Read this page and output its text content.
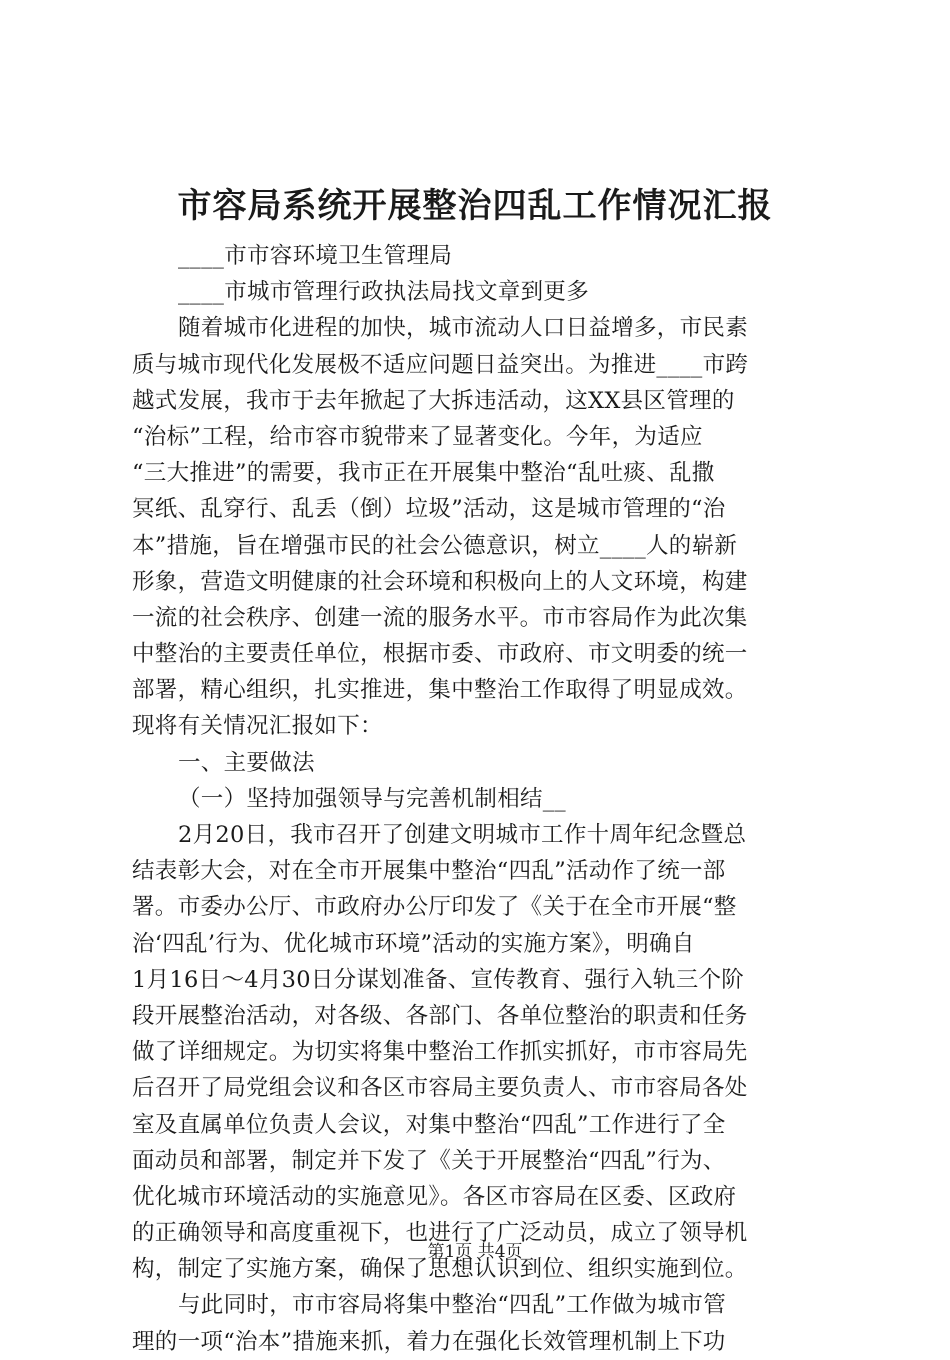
市容局系统开展整治四乱工作情况汇报

____市市容环境卫生管理局

____市城市管理行政执法局找文章到更多

随着城市化进程的加快，城市流动人口日益增多，市民素

质与城市现代化发展极不适应问题日益突出。为推进____市跨

越式发展，我市于去年掀起了大拆违活动，这XX县区管理的

“治标”工程，给市容市貌带来了显著变化。今年，为适应

“三大推进”的需要，我市正在开展集中整治“乱吐痰、乱撒

冥纸、乱穿行、乱丢（倒）垃圾”活动，这是城市管理的“治

本”措施，旨在增强市民的社会公德意识，树立____人的崭新

形象，营造文明健康的社会环境和积极向上的人文环境，构建

一流的社会秩序、创建一流的服务水平。市市容局作为此次集

中整治的主要责任单位，根据市委、市政府、市文明委的统一

部署，精心组织，扎实推进，集中整治工作取得了明显成效。

现将有关情况汇报如下：

一、主要做法

（一）坚持加强领导与完善机制相结__

2月20日，我市召开了创建文明城市工作十周年纪念暨总

结表彰大会，对在全市开展集中整治“四乱”活动作了统一部

署。市委办公厅、市政府办公厅印发了《关于在全市开展“整

治‘四乱’行为、优化城市环境”活动的实施方案》，明确自

1月16日～4月30日分谋划准备、宣传教育、强行入轨三个阶

段开展整治活动，对各级、各部门、各单位整治的职责和任务

做了详细规定。为切实将集中整治工作抓实抓好，市市容局先

后召开了局党组会议和各区市容局主要负责人、市市容局各处

室及直属单位负责人会议，对集中整治“四乱”工作进行了全

面动员和部署，制定并下发了《关于开展整治“四乱”行为、

优化城市环境活动的实施意见》。各区市容局在区委、区政府

的正确领导和高度重视下，也进行了广泛动员，成立了领导机

构，制定了实施方案，确保了思想认识到位、组织实施到位。

与此同时，市市容局将集中整治“四乱”工作做为城市管

理的一项“治本”措施来抓，着力在强化长效管理机制上下功

第1页 共4页
